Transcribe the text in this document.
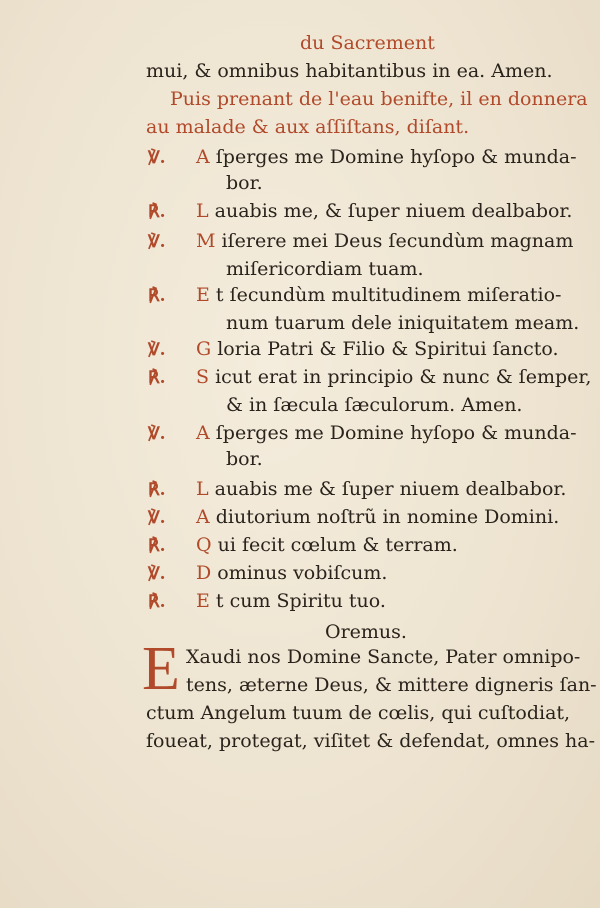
du Sacrement
mui, & omnibus habitantibus in ea. Amen.
Puis prenant de l'eau benifte, il en donnera
au malade & aux aſſiſtans, diſant.
℣. A ſperges me Domine hyſopo & munda-
bor.
℟. L auabis me, & ſuper niuem dealbabor.
℣. M iſerere mei Deus ſecundùm magnam
miſericordiam tuam.
℟. E t ſecundùm multitudinem miſeratio-
num tuarum dele iniquitatem meam.
℣. G loria Patri & Filio & Spiritui ſancto.
℟. S icut erat in principio & nunc & ſemper,
& in ſæcula ſæculorum. Amen.
℣. A ſperges me Domine hyſopo & munda-
bor.
℟. L auabis me & ſuper niuem dealbabor.
℣. A diutorium noſtrũ in nomine Domini.
℟. Q ui fecit cœlum & terram.
℣. D ominus vobiſcum.
℟. E t cum Spiritu tuo.
Oremus.
E Xaudi nos Domine Sancte, Pater omnipo-
tens, æterne Deus, & mittere digneris ſan-
ctum Angelum tuum de cœlis, qui cuſtodiat,
foueat, protegat, viſitet & defendat, omnes ha-
